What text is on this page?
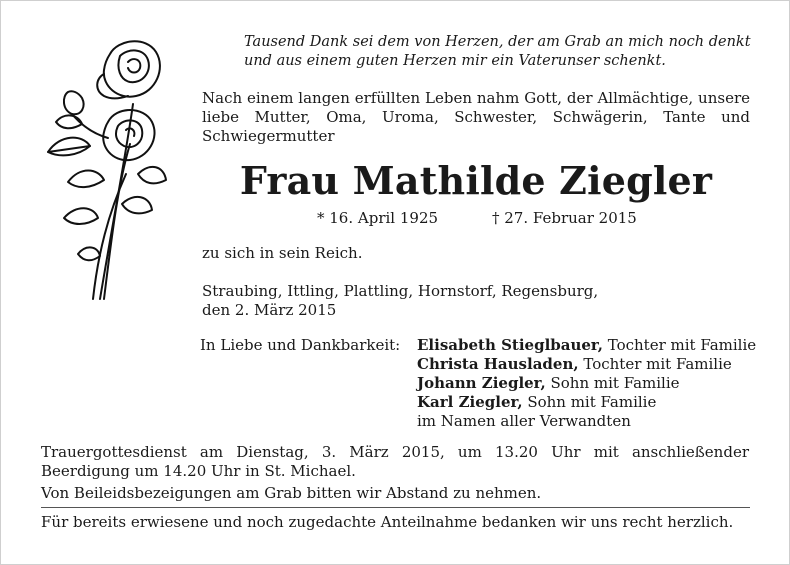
Tausend Dank sei dem von Herzen, der am Grab an mich noch denkt
und aus einem guten Herzen mir ein Vaterunser schenkt.
Nach einem langen erfüllten Leben nahm Gott, der Allmächtige, unsere liebe Mutter, Oma, Uroma, Schwester, Schwägerin, Tante und Schwiegermutter
Frau Mathilde Ziegler
* 16. April 1925	† 27. Februar 2015
zu sich in sein Reich.
Straubing, Ittling, Plattling, Hornstorf, Regensburg,
den 2. März 2015
In Liebe und Dankbarkeit: Elisabeth Stieglbauer, Tochter mit Familie
Christa Hausladen, Tochter mit Familie
Johann Ziegler, Sohn mit Familie
Karl Ziegler, Sohn mit Familie
im Namen aller Verwandten
Trauergottesdienst am Dienstag, 3. März 2015, um 13.20 Uhr mit anschließender
Beerdigung um 14.20 Uhr in St. Michael.
Von Beileidsbezeigungen am Grab bitten wir Abstand zu nehmen.
Für bereits erwiesene und noch zugedachte Anteilnahme bedanken wir uns recht herzlich.
